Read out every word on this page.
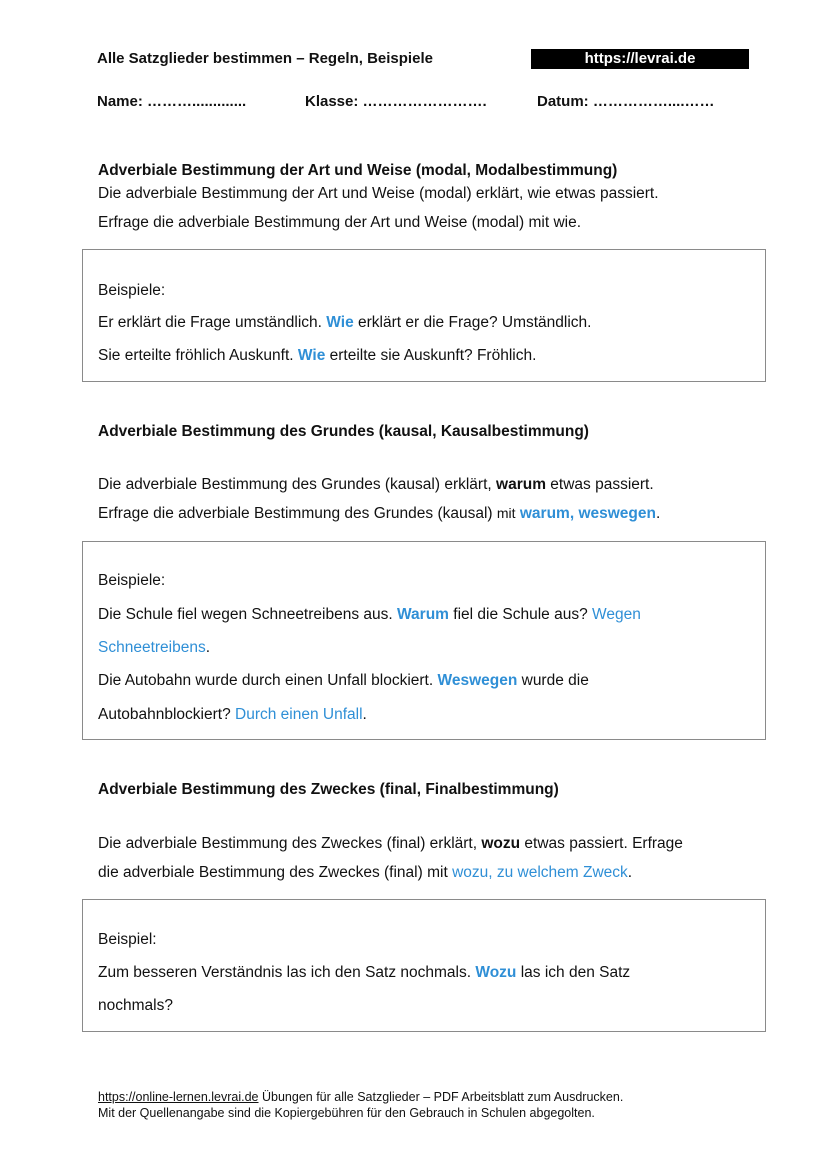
Alle Satzglieder bestimmen – Regeln, Beispiele	https://levrai.de
Name: ……….............	Klasse: …………………….	Datum: ……………....……
Adverbiale Bestimmung der Art und Weise (modal, Modalbestimmung)
Die adverbiale Bestimmung der Art und Weise (modal) erklärt, wie etwas passiert.
Erfrage die adverbiale Bestimmung der Art und Weise (modal) mit wie.
Beispiele:
Er erklärt die Frage umständlich. Wie erklärt er die Frage? Umständlich.
Sie erteilte fröhlich Auskunft. Wie erteilte sie Auskunft? Fröhlich.
Adverbiale Bestimmung des Grundes (kausal, Kausalbestimmung)
Die adverbiale Bestimmung des Grundes (kausal) erklärt, warum etwas passiert.
Erfrage die adverbiale Bestimmung des Grundes (kausal) mit warum, weswegen.
Beispiele:
Die Schule fiel wegen Schneetreibens aus. Warum fiel die Schule aus? Wegen
Schneetreibens.
Die Autobahn wurde durch einen Unfall blockiert. Weswegen wurde die
Autobahnblockiert? Durch einen Unfall.
Adverbiale Bestimmung des Zweckes (final, Finalbestimmung)
Die adverbiale Bestimmung des Zweckes (final) erklärt, wozu etwas passiert. Erfrage
die adverbiale Bestimmung des Zweckes (final) mit wozu, zu welchem Zweck.
Beispiel:
Zum besseren Verständnis las ich den Satz nochmals. Wozu las ich den Satz
nochmals?
https://online-lernen.levrai.de Übungen für alle Satzglieder – PDF Arbeitsblatt zum Ausdrucken.
Mit der Quellenangabe sind die Kopiergebühren für den Gebrauch in Schulen abgegolten.
